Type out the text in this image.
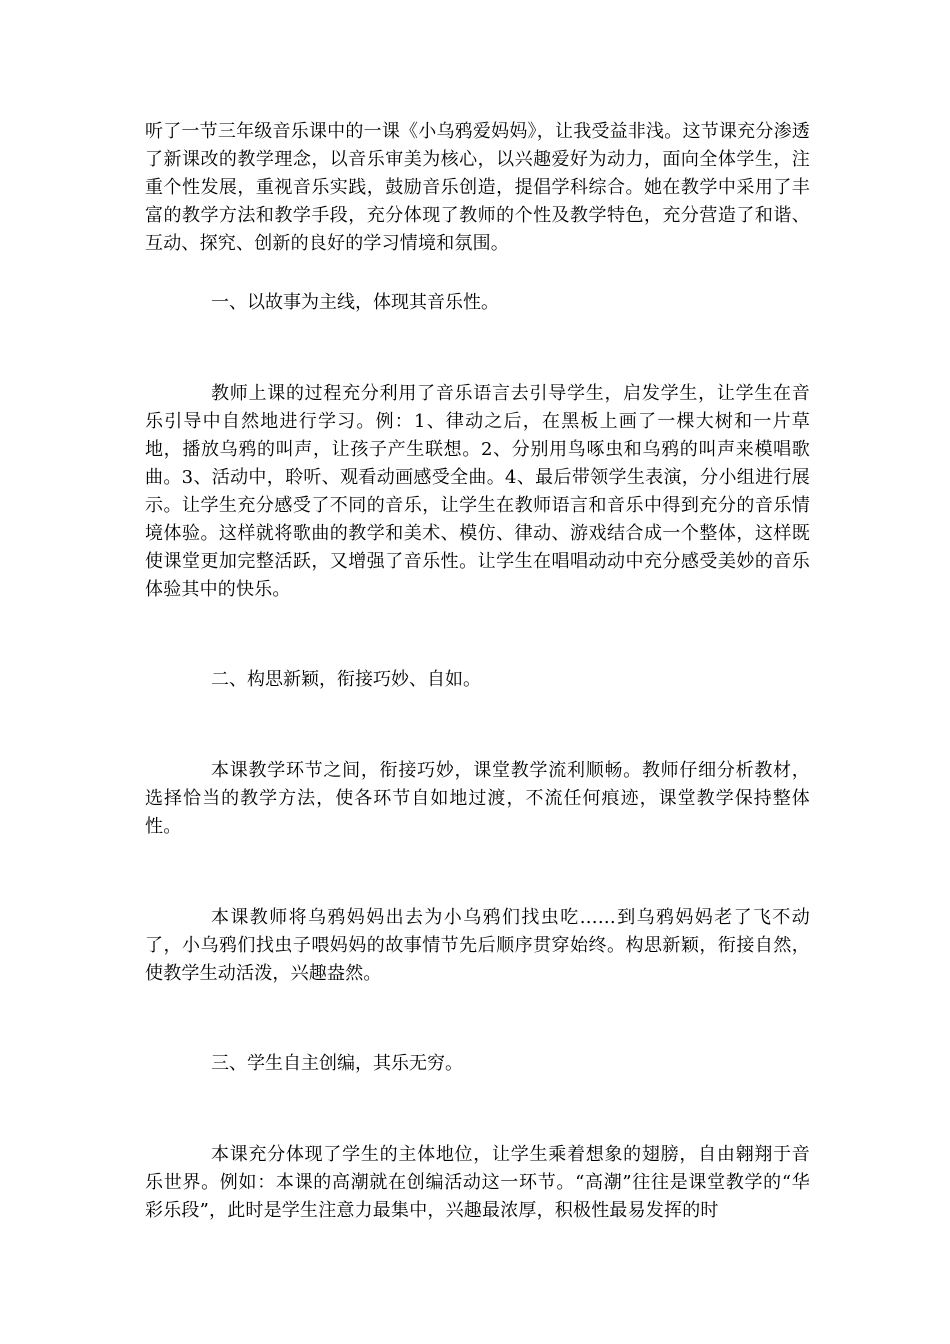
听了一节三年级音乐课中的一课《小乌鸦爱妈妈》，让我受益非浅。这节课充分渗透了新课改的教学理念，以音乐审美为核心，以兴趣爱好为动力，面向全体学生，注重个性发展，重视音乐实践，鼓励音乐创造，提倡学科综合。她在教学中采用了丰富的教学方法和教学手段，充分体现了教师的个性及教学特色，充分营造了和谐、互动、探究、创新的良好的学习情境和氛围。

一、以故事为主线，体现其音乐性。

教师上课的过程充分利用了音乐语言去引导学生，启发学生，让学生在音乐引导中自然地进行学习。例：1、律动之后，在黑板上画了一棵大树和一片草地，播放乌鸦的叫声，让孩子产生联想。2、分别用鸟啄虫和乌鸦的叫声来模唱歌曲。3、活动中，聆听、观看动画感受全曲。4、最后带领学生表演，分小组进行展示。让学生充分感受了不同的音乐，让学生在教师语言和音乐中得到充分的音乐情境体验。这样就将歌曲的教学和美术、模仿、律动、游戏结合成一个整体，这样既使课堂更加完整活跃，又增强了音乐性。让学生在唱唱动动中充分感受美妙的音乐体验其中的快乐。

二、构思新颖，衔接巧妙、自如。

本课教学环节之间，衔接巧妙，课堂教学流利顺畅。教师仔细分析教材，选择恰当的教学方法，使各环节自如地过渡，不流任何痕迹，课堂教学保持整体性。

本课教师将乌鸦妈妈出去为小乌鸦们找虫吃……到乌鸦妈妈老了飞不动了，小乌鸦们找虫子喂妈妈的故事情节先后顺序贯穿始终。构思新颖，衔接自然，使教学生动活泼，兴趣盎然。

三、学生自主创编，其乐无穷。

本课充分体现了学生的主体地位，让学生乘着想象的翅膀，自由翱翔于音乐世界。例如：本课的高潮就在创编活动这一环节。“高潮”往往是课堂教学的“华彩乐段”，此时是学生注意力最集中，兴趣最浓厚，积极性最易发挥的时
